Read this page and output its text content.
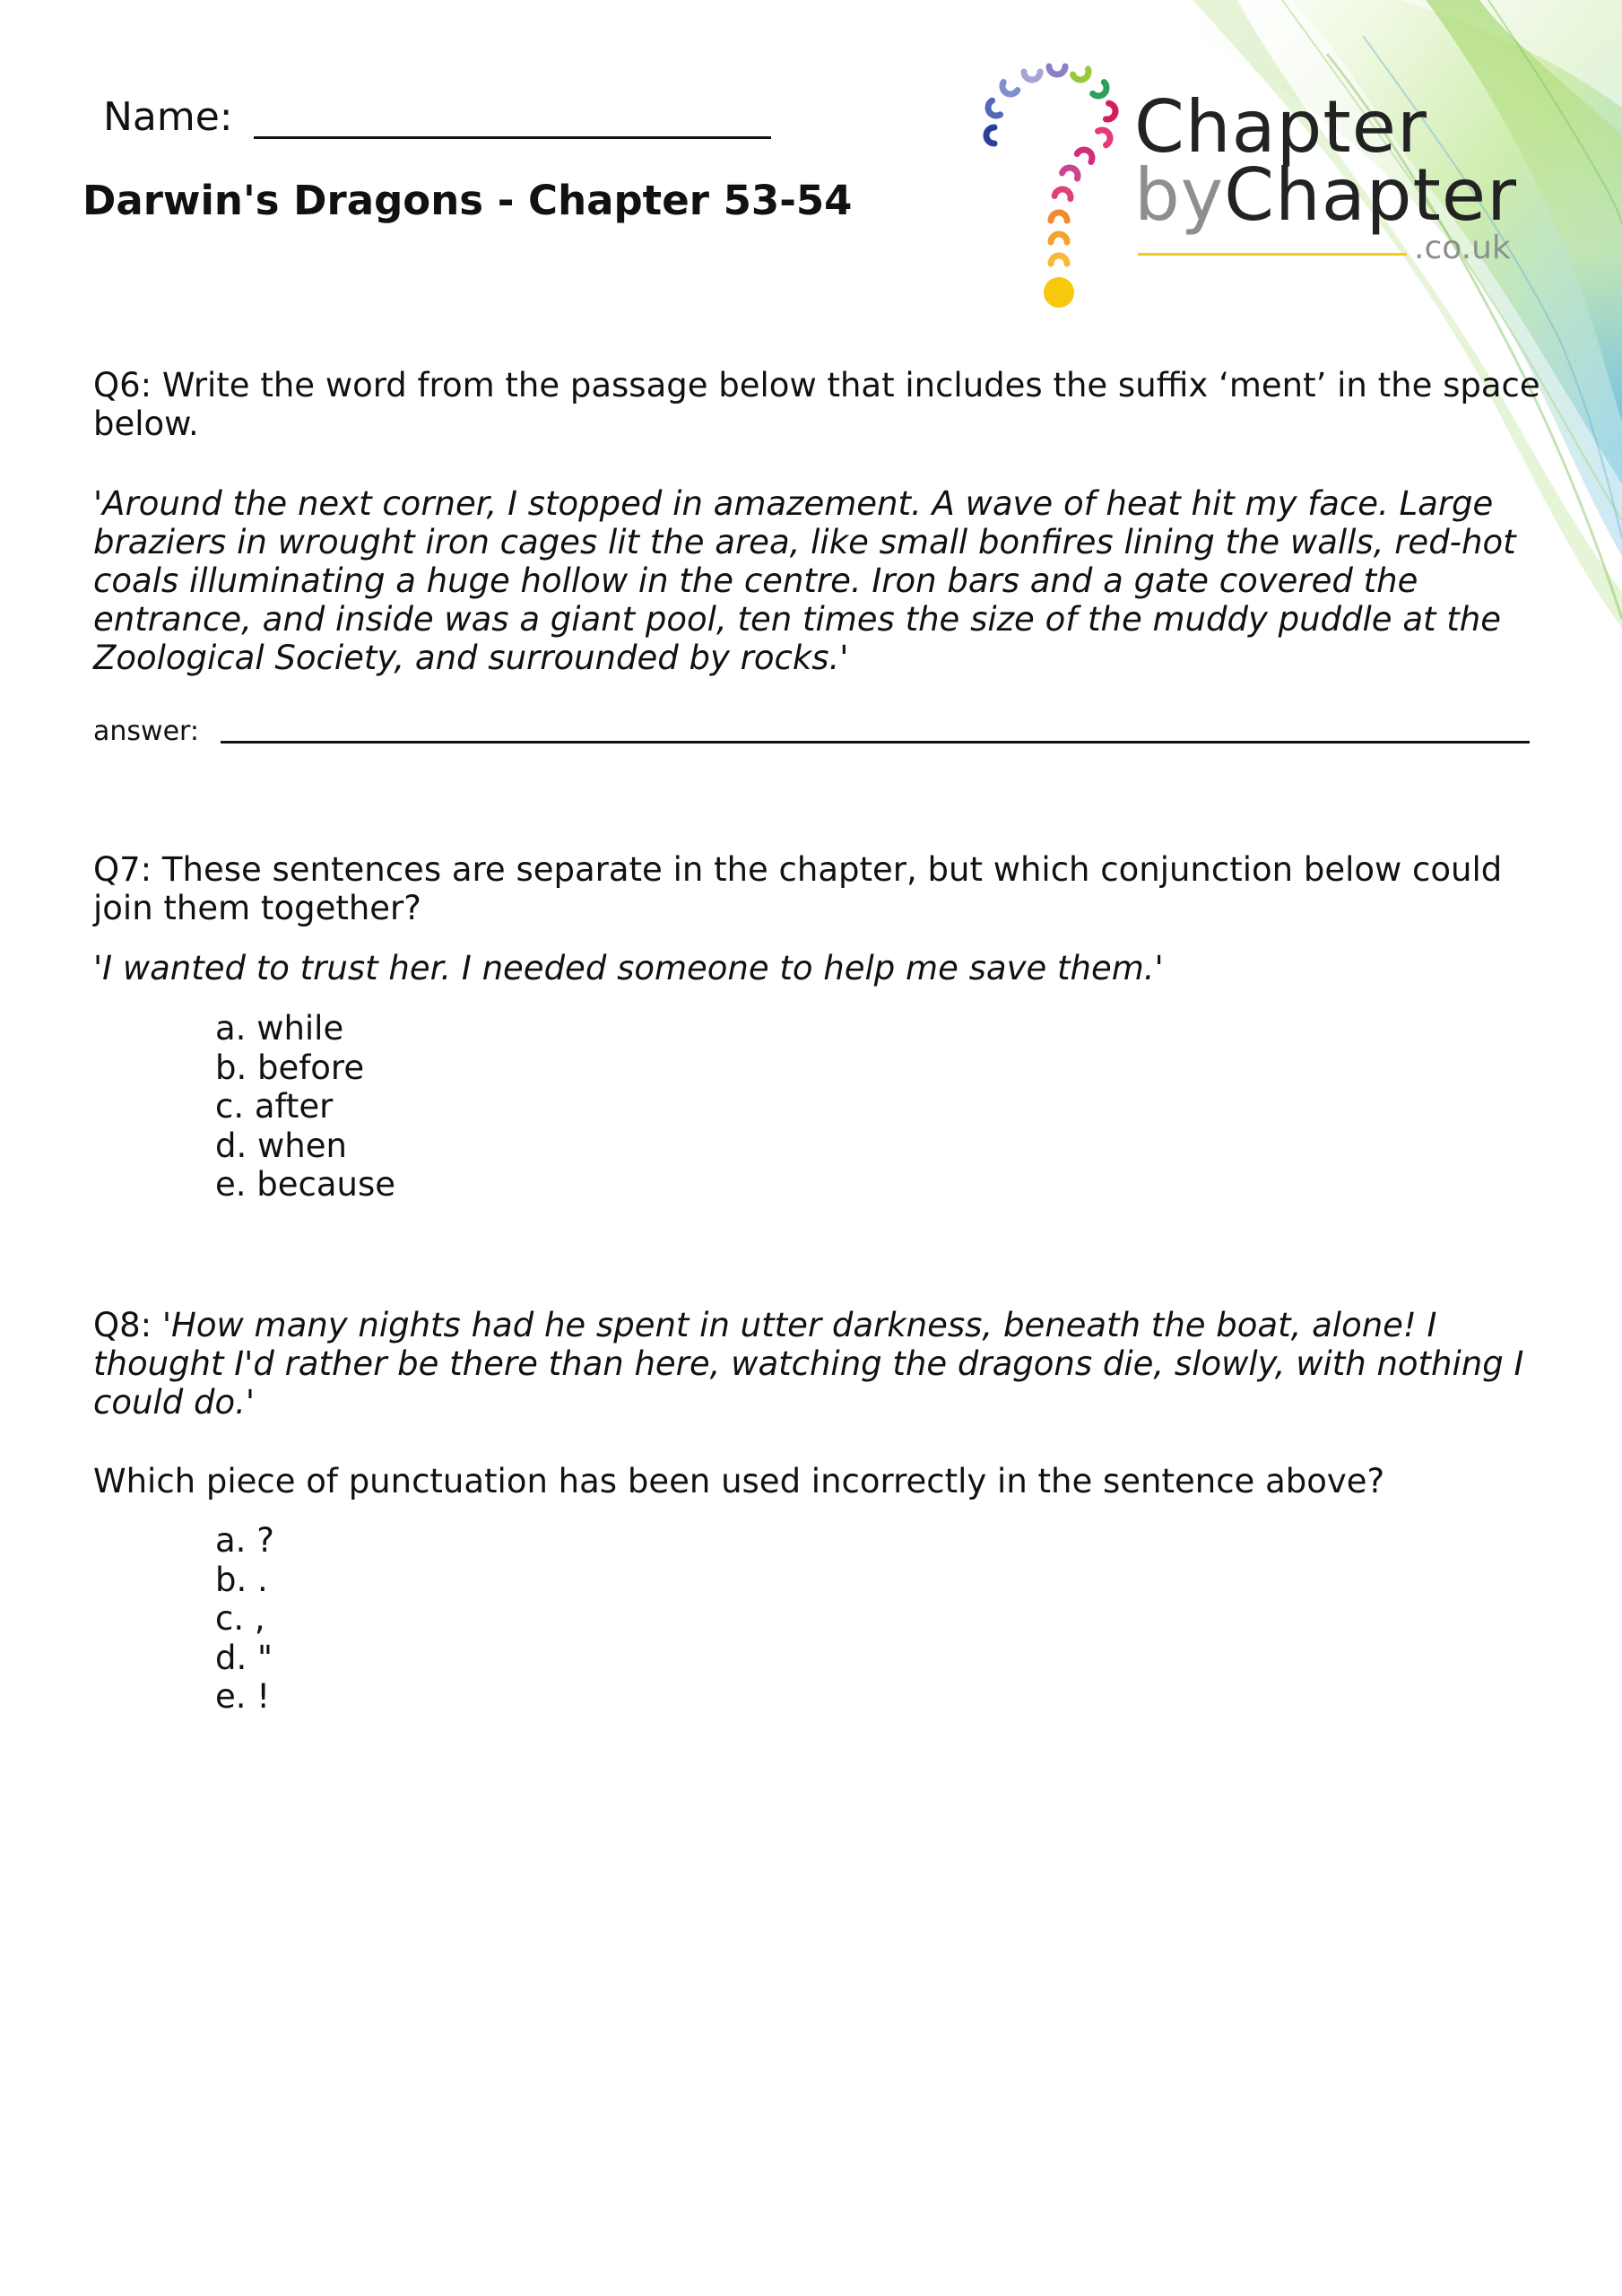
Name:
Darwin's Dragons - Chapter 53-54
Chapter
byChapter
.co.uk
Q6: Write the word from the passage below that includes the suffix ‘ment’ in the space below.
'Around the next corner, I stopped in amazement. A wave of heat hit my face. Large braziers in wrought iron cages lit the area, like small bonfires lining the walls, red-hot coals illuminating a huge hollow in the centre. Iron bars and a gate covered the entrance, and inside was a giant pool, ten times the size of the muddy puddle at the Zoological Society, and surrounded by rocks.'
answer:
Q7: These sentences are separate in the chapter, but which conjunction below could join them together?
'I wanted to trust her. I needed someone to help me save them.'
a. while
b. before
c. after
d. when
e. because
Q8: 'How many nights had he spent in utter darkness, beneath the boat, alone! I thought I'd rather be there than here, watching the dragons die, slowly, with nothing I could do.'
Which piece of punctuation has been used incorrectly in the sentence above?
a. ?
b. .
c. ,
d. "
e. !
